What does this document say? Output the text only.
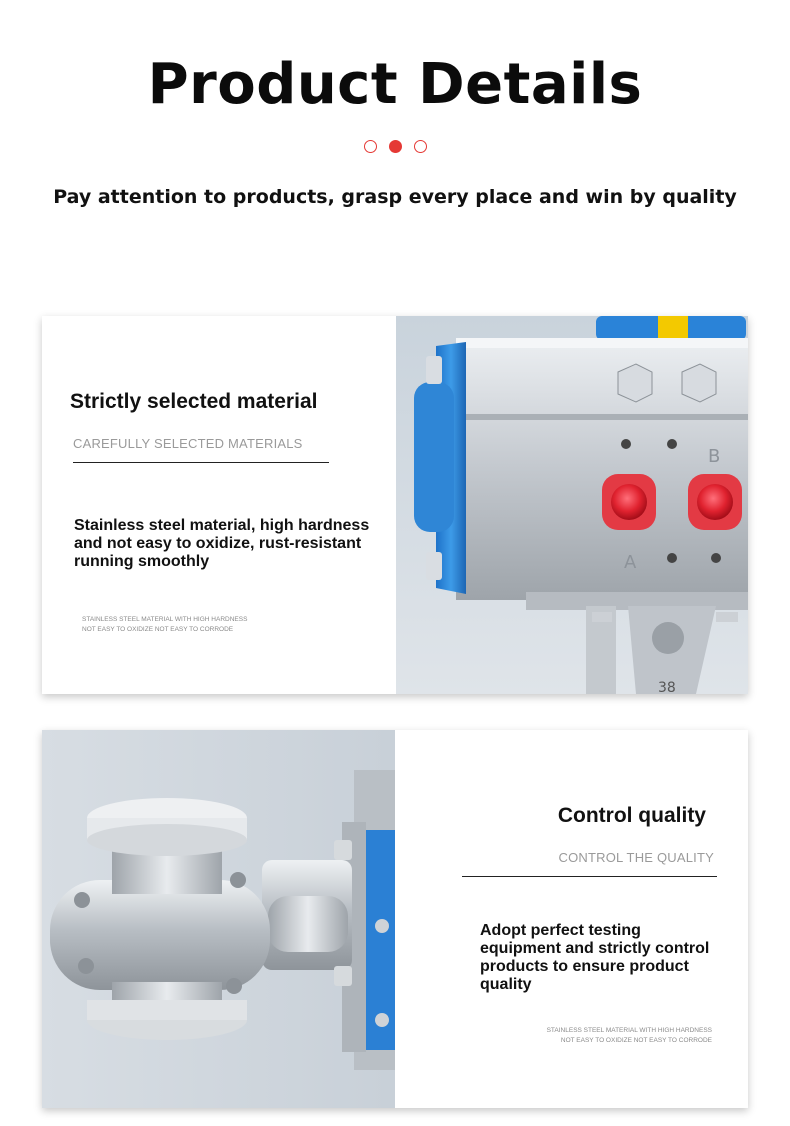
Product Details
Pay attention to products, grasp every place and win by quality
Strictly selected material
CAREFULLY SELECTED MATERIALS
Stainless steel material, high hardness and not easy to oxidize, rust-resistant running smoothly
STAINLESS STEEL MATERIAL WITH HIGH HARDNESS
NOT EASY TO OXIDIZE NOT EASY TO CORRODE
B
A
38
Control quality
CONTROL THE QUALITY
Adopt perfect testing equipment and strictly control products to ensure product quality
STAINLESS STEEL MATERIAL WITH HIGH HARDNESS
NOT EASY TO OXIDIZE NOT EASY TO CORRODE
